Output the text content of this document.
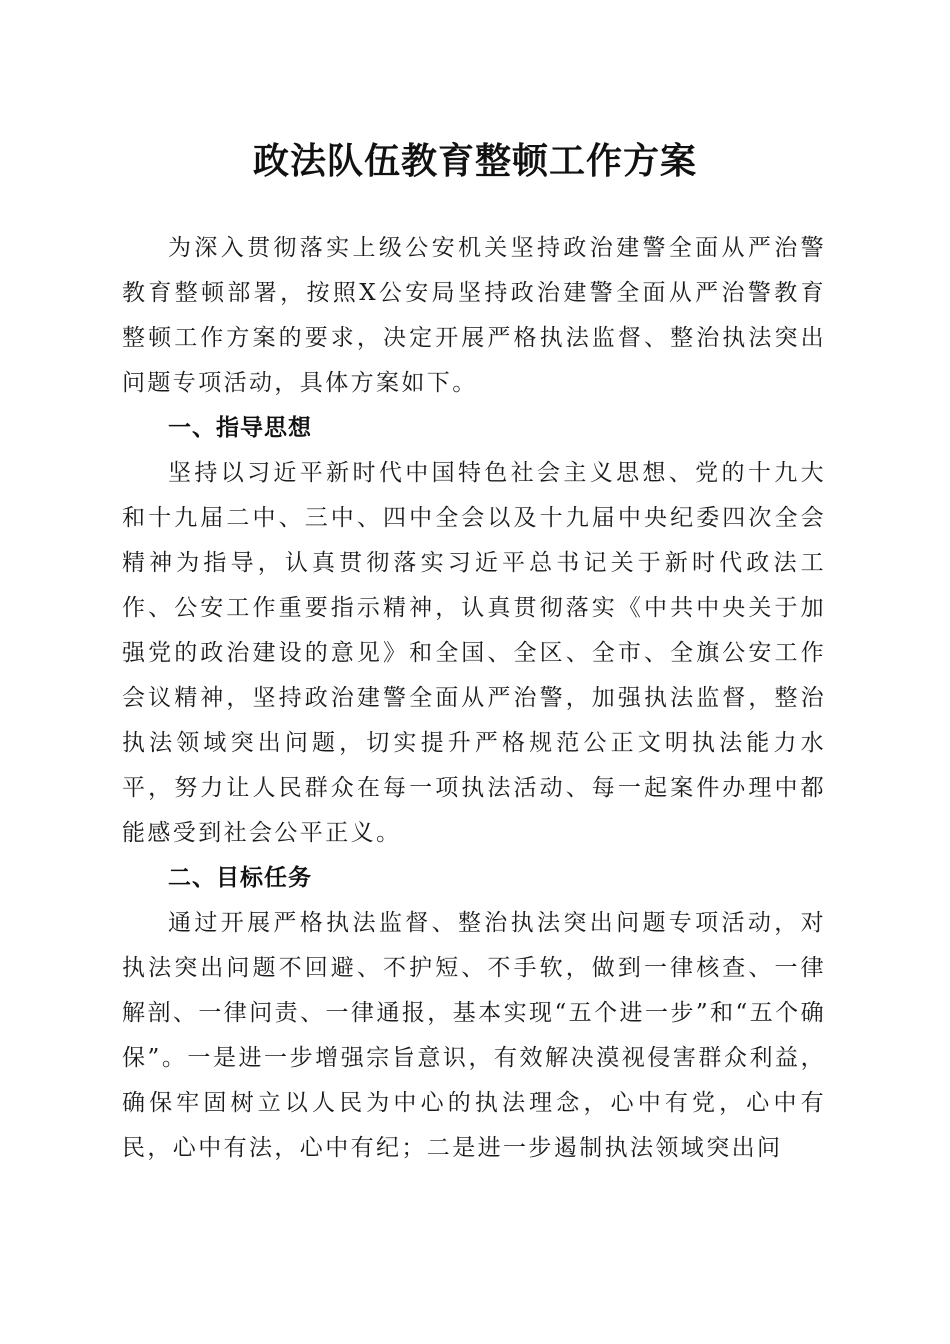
政法队伍教育整顿工作方案

为深入贯彻落实上级公安机关坚持政治建警全面从严治警教育整顿部署，按照X公安局坚持政治建警全面从严治警教育整顿工作方案的要求，决定开展严格执法监督、整治执法突出问题专项活动，具体方案如下。

一、指导思想

坚持以习近平新时代中国特色社会主义思想、党的十九大和十九届二中、三中、四中全会以及十九届中央纪委四次全会精神为指导，认真贯彻落实习近平总书记关于新时代政法工作、公安工作重要指示精神，认真贯彻落实《中共中央关于加强党的政治建设的意见》和全国、全区、全市、全旗公安工作会议精神，坚持政治建警全面从严治警，加强执法监督，整治执法领域突出问题，切实提升严格规范公正文明执法能力水平，努力让人民群众在每一项执法活动、每一起案件办理中都能感受到社会公平正义。

二、目标任务

通过开展严格执法监督、整治执法突出问题专项活动，对执法突出问题不回避、不护短、不手软，做到一律核查、一律解剖、一律问责、一律通报，基本实现“五个进一步”和“五个确保”。一是进一步增强宗旨意识，有效解决漠视侵害群众利益，确保牢固树立以人民为中心的执法理念，心中有党，心中有民，心中有法，心中有纪；二是进一步遏制执法领域突出问
